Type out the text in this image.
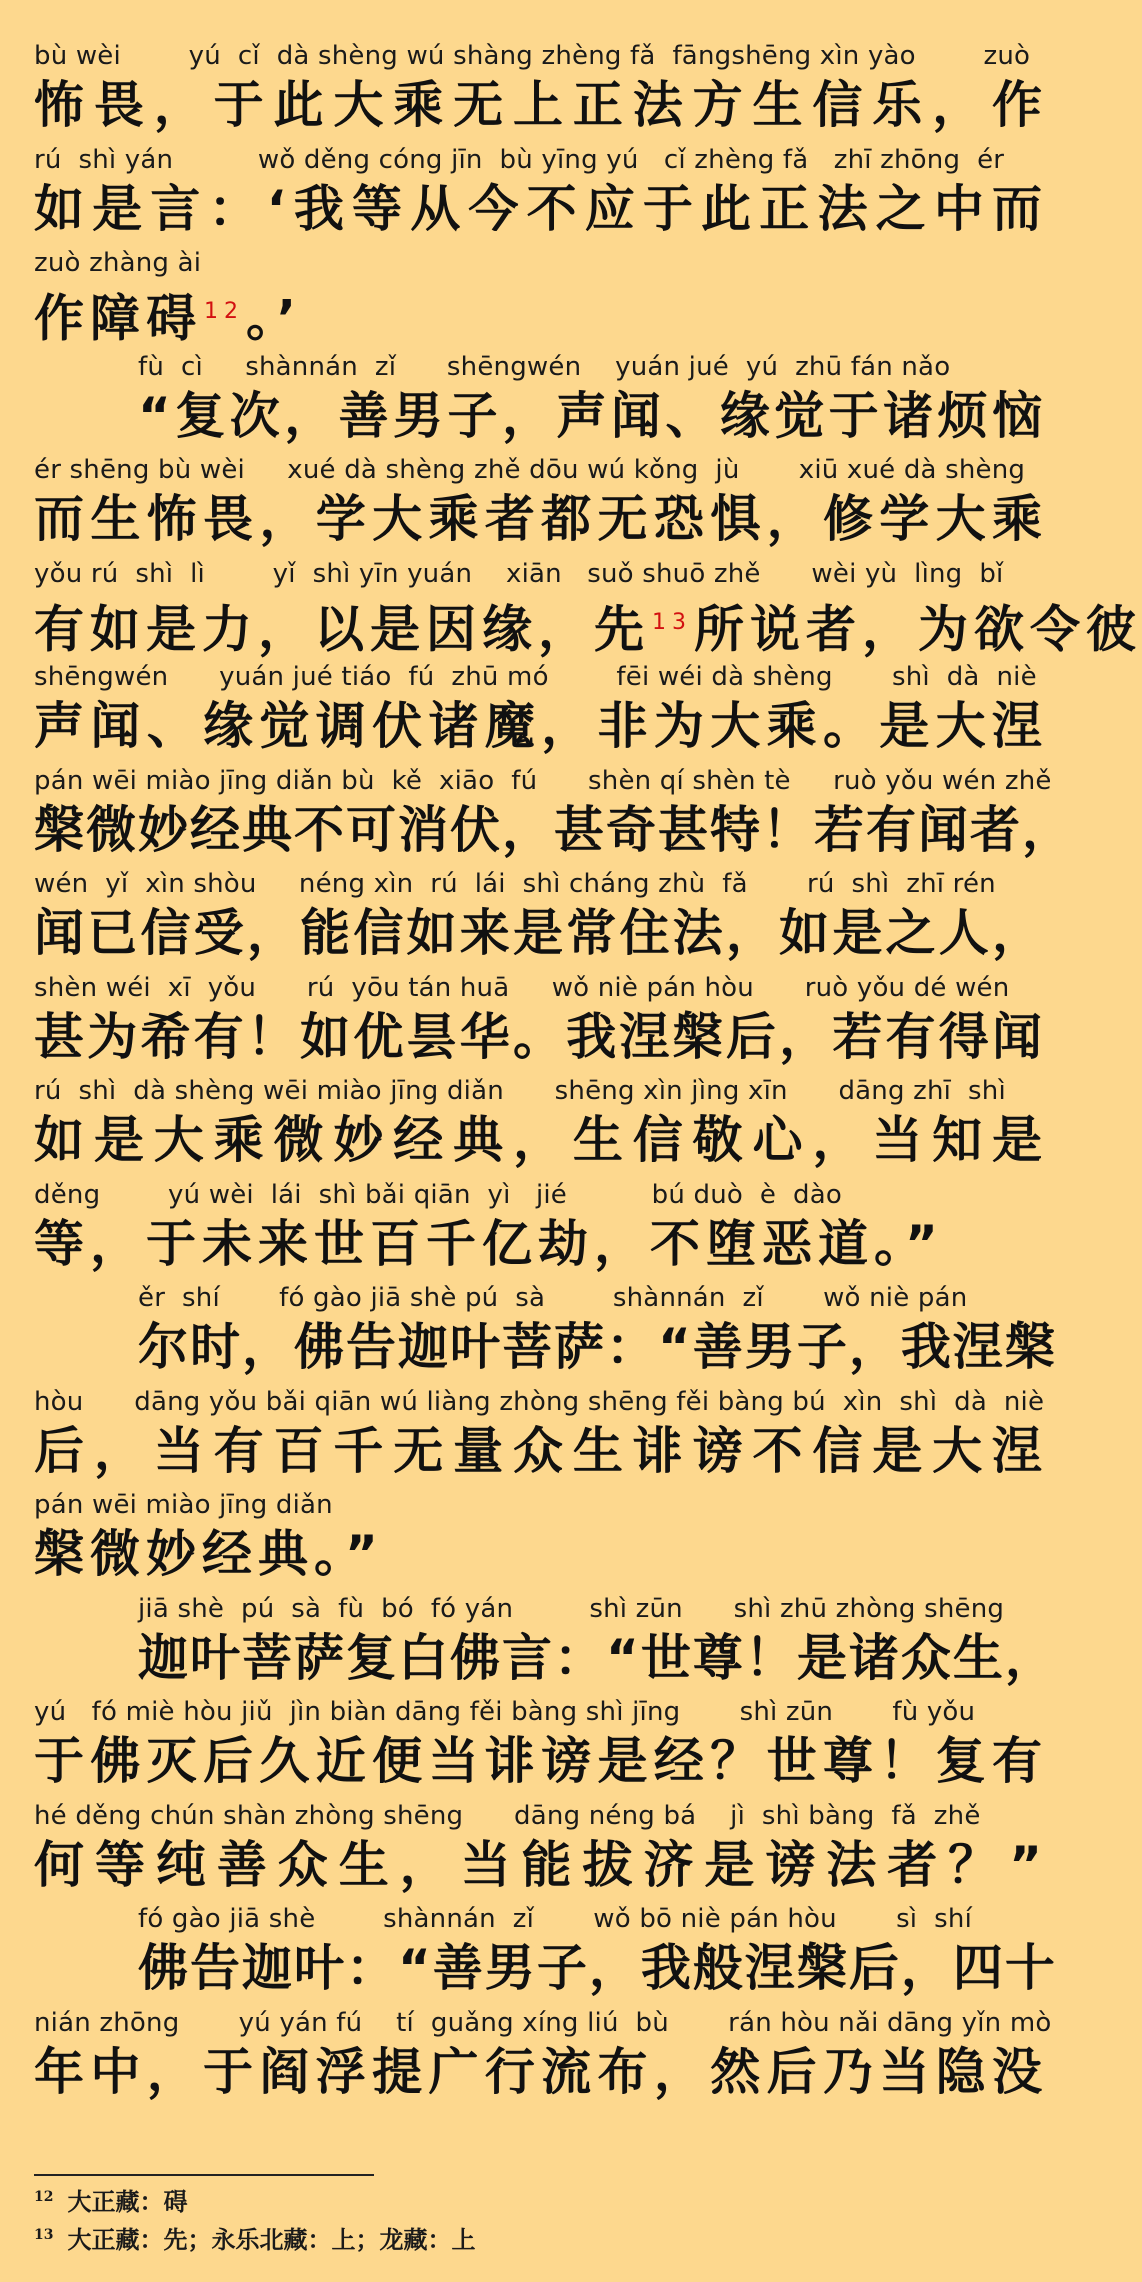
bù wèi        yú  cǐ  dà shèng wú shàng zhèng fǎ  fāngshēng xìn yào        zuò
怖畏，于此大乘无上正法方生信乐，作
rú  shì yán          wǒ děng cóng jīn  bù yīng yú   cǐ zhèng fǎ   zhī zhōng  ér
如是言：‘我等从今不应于此正法之中而
zuò zhàng ài
作障碍$^{12}$。’
fù  cì     shànnán  zǐ      shēngwén    yuán jué  yú  zhū fán nǎo
“复次，善男子，声闻、缘觉于诸烦恼
ér shēng bù wèi     xué dà shèng zhě dōu wú kǒng  jù       xiū xué dà shèng
而生怖畏，学大乘者都无恐惧，修学大乘
yǒu rú  shì  lì        yǐ  shì yīn yuán    xiān   suǒ shuō zhě      wèi yù  lìng  bǐ
有如是力，以是因缘，先$^{13}$所说者，为欲令彼
shēngwén      yuán jué tiáo  fú  zhū mó        fēi wéi dà shèng       shì  dà  niè
声闻、缘觉调伏诸魔，非为大乘。是大涅
pán wēi miào jīng diǎn bù  kě  xiāo  fú      shèn qí shèn tè     ruò yǒu wén zhě
槃微妙经典不可消伏，甚奇甚特！若有闻者，
wén  yǐ  xìn shòu     néng xìn  rú  lái  shì cháng zhù  fǎ       rú  shì  zhī rén
闻已信受，能信如来是常住法，如是之人，
shèn wéi  xī  yǒu      rú  yōu tán huā     wǒ niè pán hòu      ruò yǒu dé wén
甚为希有！如优昙华。我涅槃后，若有得闻
rú  shì  dà shèng wēi miào jīng diǎn      shēng xìn jìng xīn      dāng zhī  shì
如是大乘微妙经典，生信敬心，当知是
děng        yú wèi  lái  shì bǎi qiān  yì   jié          bú duò  è  dào
等，于未来世百千亿劫，不堕恶道。”
ěr  shí       fó gào jiā shè pú  sà        shànnán  zǐ       wǒ niè pán
尔时，佛告迦叶菩萨：“善男子，我涅槃
hòu      dāng yǒu bǎi qiān wú liàng zhòng shēng fěi bàng bú  xìn  shì  dà  niè
后，当有百千无量众生诽谤不信是大涅
pán wēi miào jīng diǎn
槃微妙经典。”
jiā shè  pú  sà  fù  bó  fó yán         shì zūn      shì zhū zhòng shēng
迦叶菩萨复白佛言：“世尊！是诸众生，
yú   fó miè hòu jiǔ  jìn biàn dāng fěi bàng shì jīng       shì zūn       fù yǒu
于佛灭后久近便当诽谤是经？世尊！复有
hé děng chún shàn zhòng shēng      dāng néng bá    jì  shì bàng  fǎ  zhě
何等纯善众生，当能拔济是谤法者？”
fó gào jiā shè        shànnán  zǐ       wǒ bō niè pán hòu       sì  shí
佛告迦叶：“善男子，我般涅槃后，四十
nián zhōng       yú yán fú    tí  guǎng xíng liú  bù       rán hòu nǎi dāng yǐn mò
年中，于阎浮提广行流布，然后乃当隐没
$^{12}$ 大正藏：碍
$^{13}$ 大正藏：先；永乐北藏：上；龙藏：上
